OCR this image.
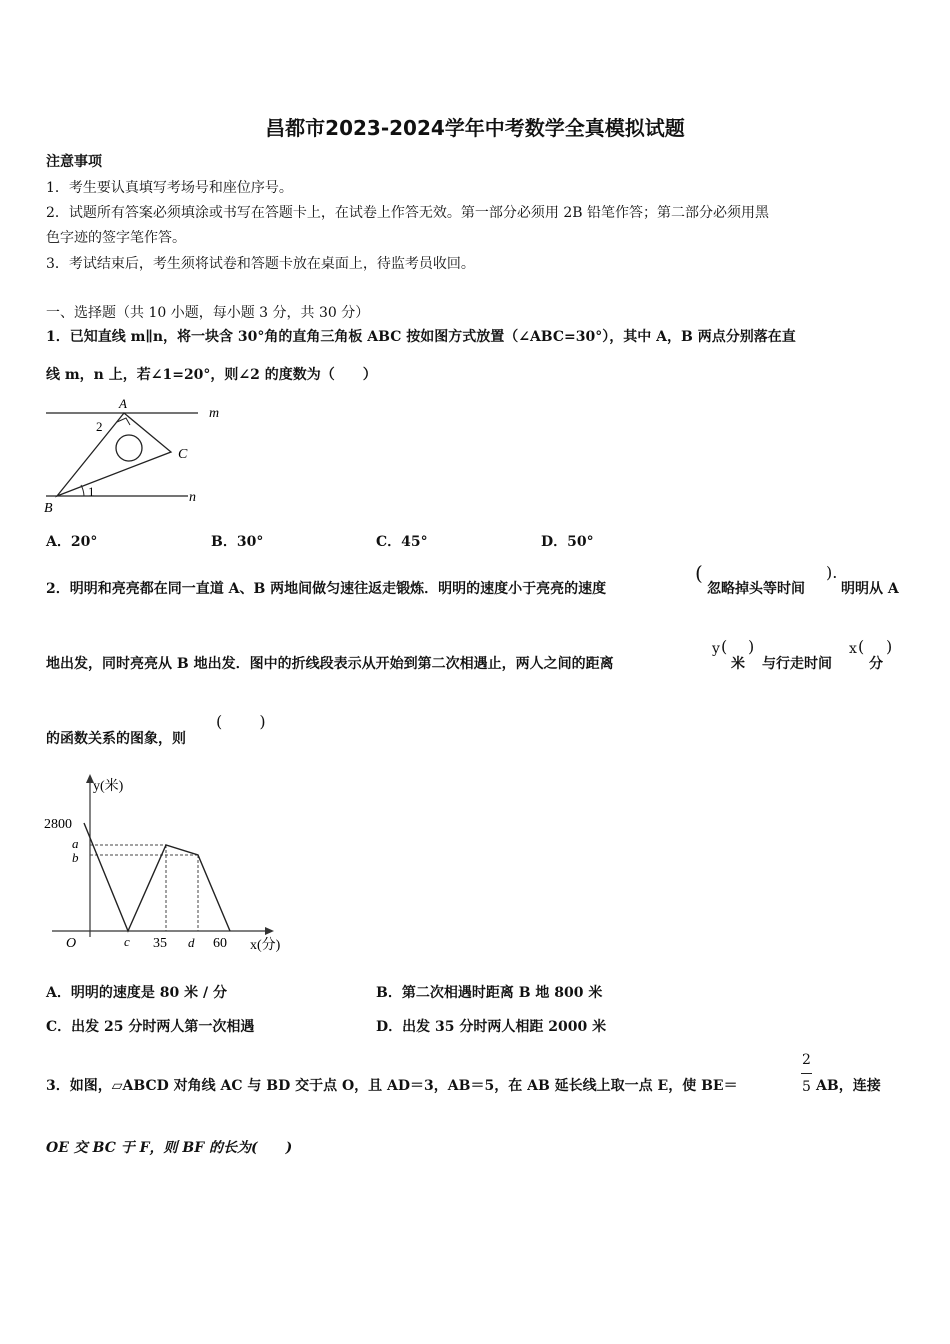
昌都市2023-2024学年中考数学全真模拟试题
注意事项
1．考生要认真填写考场号和座位序号。
2．试题所有答案必须填涂或书写在答题卡上，在试卷上作答无效。第一部分必须用 2B 铅笔作答；第二部分必须用黑
色字迹的签字笔作答。
3．考试结束后，考生须将试卷和答题卡放在桌面上，待监考员收回。
一、选择题（共 10 小题，每小题 3 分，共 30 分）
1．已知直线 m∥n，将一块含 30°角的直角三角板 ABC 按如图方式放置（∠ABC=30°），其中 A，B 两点分别落在直
线 m，n 上，若∠1=20°，则∠2 的度数为（　　）
m
n
A
B
C
1
2
A．20°	B．30°	C．45°	D．50°
2．明明和亮亮都在同一直道 A、B 两地间做匀速往返走锻炼．明明的速度小于亮亮的速度
(
忽略掉头等时间
).
明明从 A
地出发，同时亮亮从 B 地出发．图中的折线段表示从开始到第二次相遇止，两人之间的距离
y (
米
)
与行走时间
x (
分
)
的函数关系的图象，则
(　　 )
y(米)
x(分)
2800
a
b
O	c 35 d 60
A．明明的速度是 80 米 / 分	B．第二次相遇时距离 B 地 800 米
C．出发 25 分时两人第一次相遇	D．出发 35 分时两人相距 2000 米
3．如图，▱ABCD 对角线 AC 与 BD 交于点 O，且 AD＝3，AB＝5，在 AB 延长线上取一点 E，使 BE＝
2
5 AB，连接
OE 交 BC 于 F，则 BF 的长为(　　)
